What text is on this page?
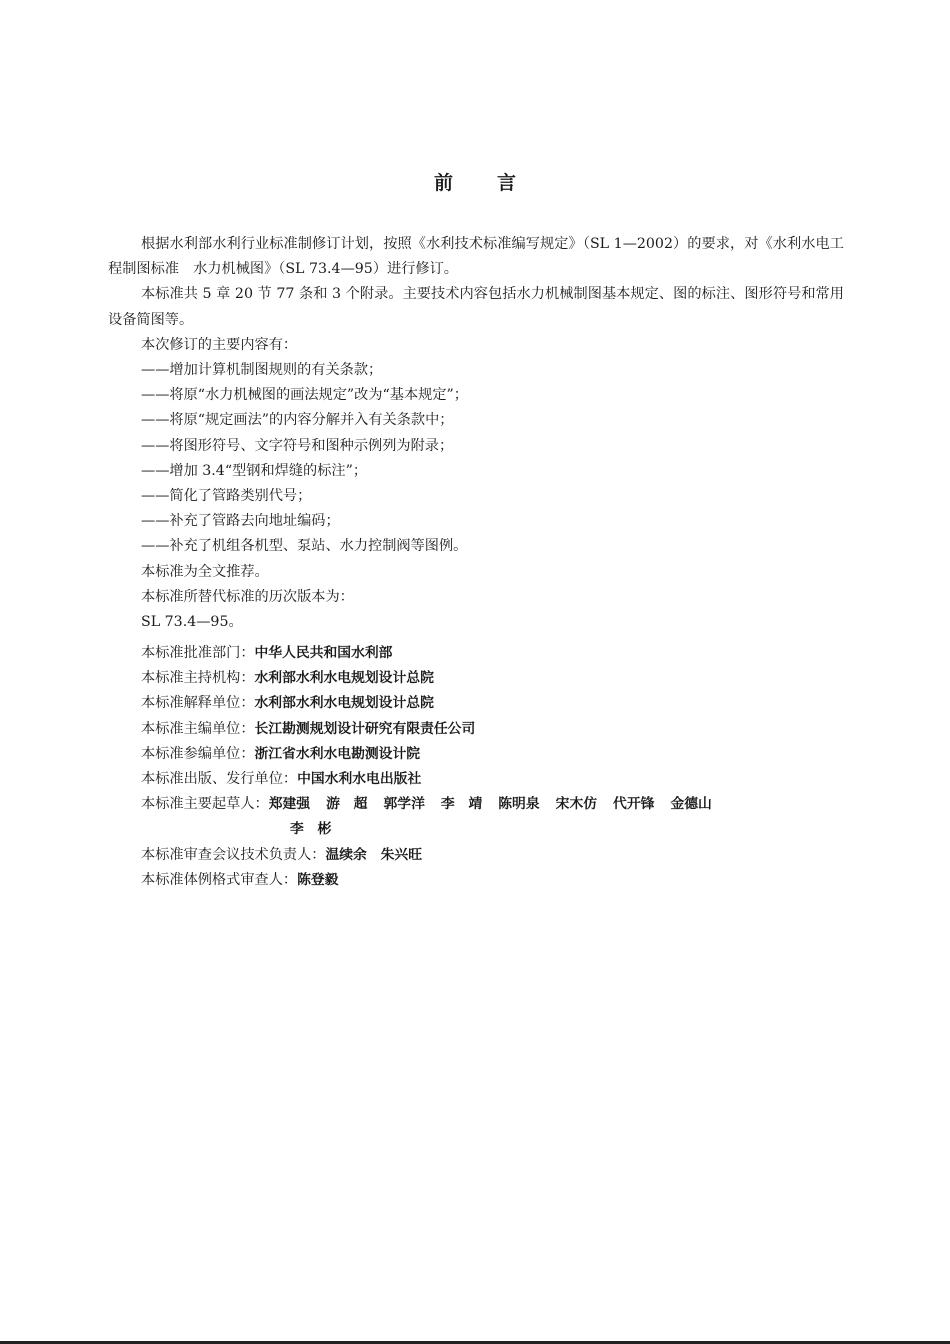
前 言

根据水利部水利行业标准制修订计划，按照《水利技术标准编写规定》（SL 1—2002）的要求，对《水利水电工程制图标准　水力机械图》（SL 73.4—95）进行修订。

本标准共 5 章 20 节 77 条和 3 个附录。主要技术内容包括水力机械制图基本规定、图的标注、图形符号和常用设备简图等。

本次修订的主要内容有：

——增加计算机制图规则的有关条款；

——将原“水力机械图的画法规定”改为“基本规定”；

——将原“规定画法”的内容分解并入有关条款中；

——将图形符号、文字符号和图种示例列为附录；

——增加 3.4“型钢和焊缝的标注”；

——简化了管路类别代号；

——补充了管路去向地址编码；

——补充了机组各机型、泵站、水力控制阀等图例。

本标准为全文推荐。

本标准所替代标准的历次版本为：

SL 73.4—95。

本标准批准部门：中华人民共和国水利部

本标准主持机构：水利部水利水电规划设计总院

本标准解释单位：水利部水利水电规划设计总院

本标准主编单位：长江勘测规划设计研究有限责任公司

本标准参编单位：浙江省水利水电勘测设计院

本标准出版、发行单位：中国水利水电出版社

本标准主要起草人：郑建强 游　超 郭学洋 李　靖 陈明泉 宋木仿 代开锋 金德山

李　彬

本标准审查会议技术负责人：温续余　朱兴旺

本标准体例格式审查人：陈登毅
